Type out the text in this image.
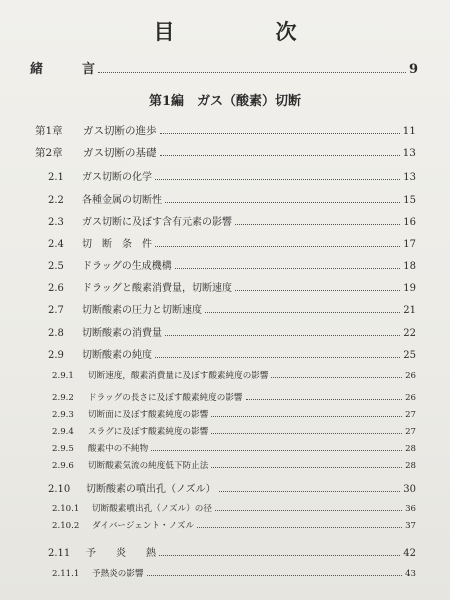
目　次
緒　　　言	9
第1編　ガス（酸素）切断
第1章	ガス切断の進歩	11
第2章	ガス切断の基礎	13
2.1	ガス切断の化学	13
2.2	各種金属の切断性	15
2.3	ガス切断に及ぼす含有元素の影響	16
2.4	切　断　条　件	17
2.5	ドラッグの生成機構	18
2.6	ドラッグと酸素消費量，切断速度	19
2.7	切断酸素の圧力と切断速度	21
2.8	切断酸素の消費量	22
2.9	切断酸素の純度	25
2.9.1	切断速度，酸素消費量に及ぼす酸素純度の影響	26
2.9.2	ドラッグの長さに及ぼす酸素純度の影響	26
2.9.3	切断面に及ぼす酸素純度の影響	27
2.9.4	スラグに及ぼす酸素純度の影響	27
2.9.5	酸素中の不純物	28
2.9.6	切断酸素気流の純度低下防止法	28
2.10	切断酸素の噴出孔（ノズル）	30
2.10.1	切断酸素噴出孔（ノズル）の径	36
2.10.2	ダイバージェント・ノズル	37
2.11	予　　炎　　熱	42
2.11.1	予熱炎の影響	43
